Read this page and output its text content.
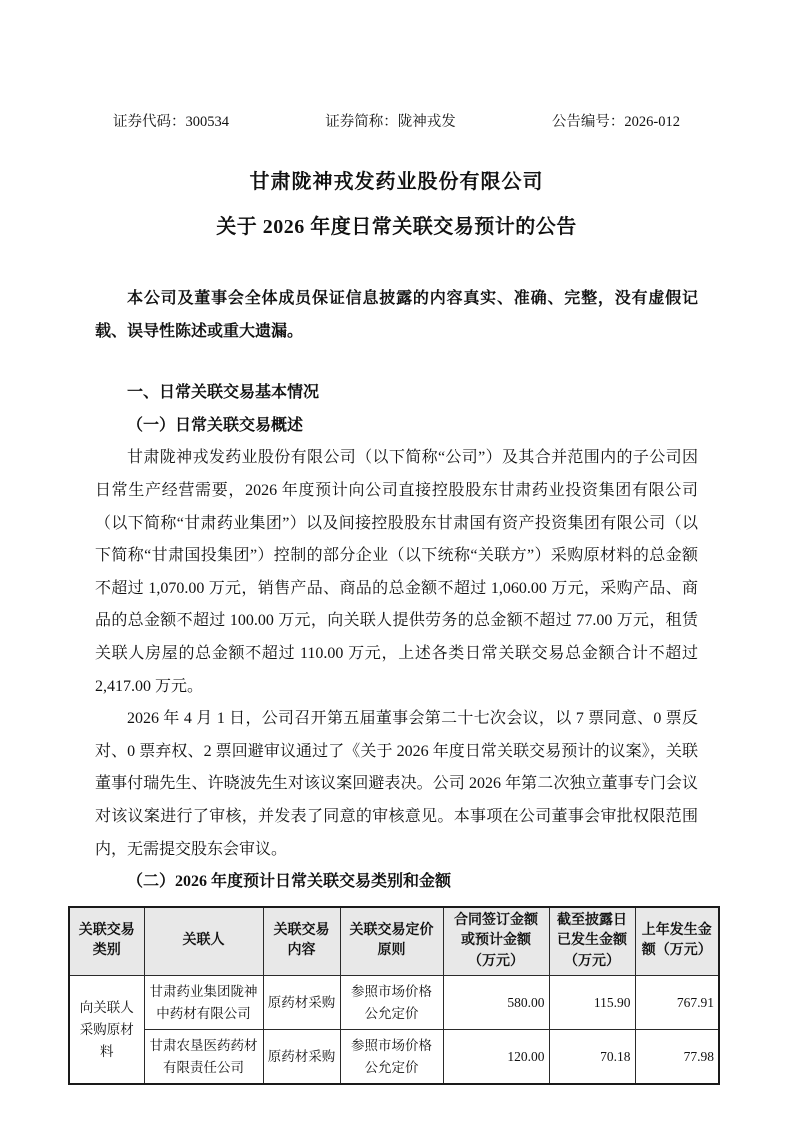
证券代码：300534	证券简称：陇神戎发	公告编号：2026-012
甘肃陇神戎发药业股份有限公司
关于 2026 年度日常关联交易预计的公告

本公司及董事会全体成员保证信息披露的内容真实、准确、完整，没有虚假记载、误导性陈述或重大遗漏。

一、日常关联交易基本情况
（一）日常关联交易概述

甘肃陇神戎发药业股份有限公司（以下简称“公司”）及其合并范围内的子公司因日常生产经营需要，2026 年度预计向公司直接控股股东甘肃药业投资集团有限公司（以下简称“甘肃药业集团”）以及间接控股股东甘肃国有资产投资集团有限公司（以下简称“甘肃国投集团”）控制的部分企业（以下统称“关联方”）采购原材料的总金额不超过 1,070.00 万元，销售产品、商品的总金额不超过 1,060.00 万元，采购产品、商品的总金额不超过 100.00 万元，向关联人提供劳务的总金额不超过 77.00 万元，租赁关联人房屋的总金额不超过 110.00 万元，上述各类日常关联交易总金额合计不超过 2,417.00 万元。

2026 年 4 月 1 日，公司召开第五届董事会第二十七次会议，以 7 票同意、0 票反对、0 票弃权、2 票回避审议通过了《关于 2026 年度日常关联交易预计的议案》，关联董事付瑞先生、许晓波先生对该议案回避表决。公司 2026 年第二次独立董事专门会议对该议案进行了审核，并发表了同意的审核意见。本事项在公司董事会审批权限范围内，无需提交股东会审议。

（二）2026 年度预计日常关联交易类别和金额
关联交易类别	关联人	关联交易内容	关联交易定价原则	合同签订金额或预计金额（万元）	截至披露日已发生金额（万元）	上年发生金额（万元）
向关联人采购原材料	甘肃药业集团陇神中药材有限公司	原药材采购	参照市场价格公允定价	580.00	115.90	767.91
	甘肃农垦医药药材有限责任公司	原药材采购	参照市场价格公允定价	120.00	70.18	77.98
